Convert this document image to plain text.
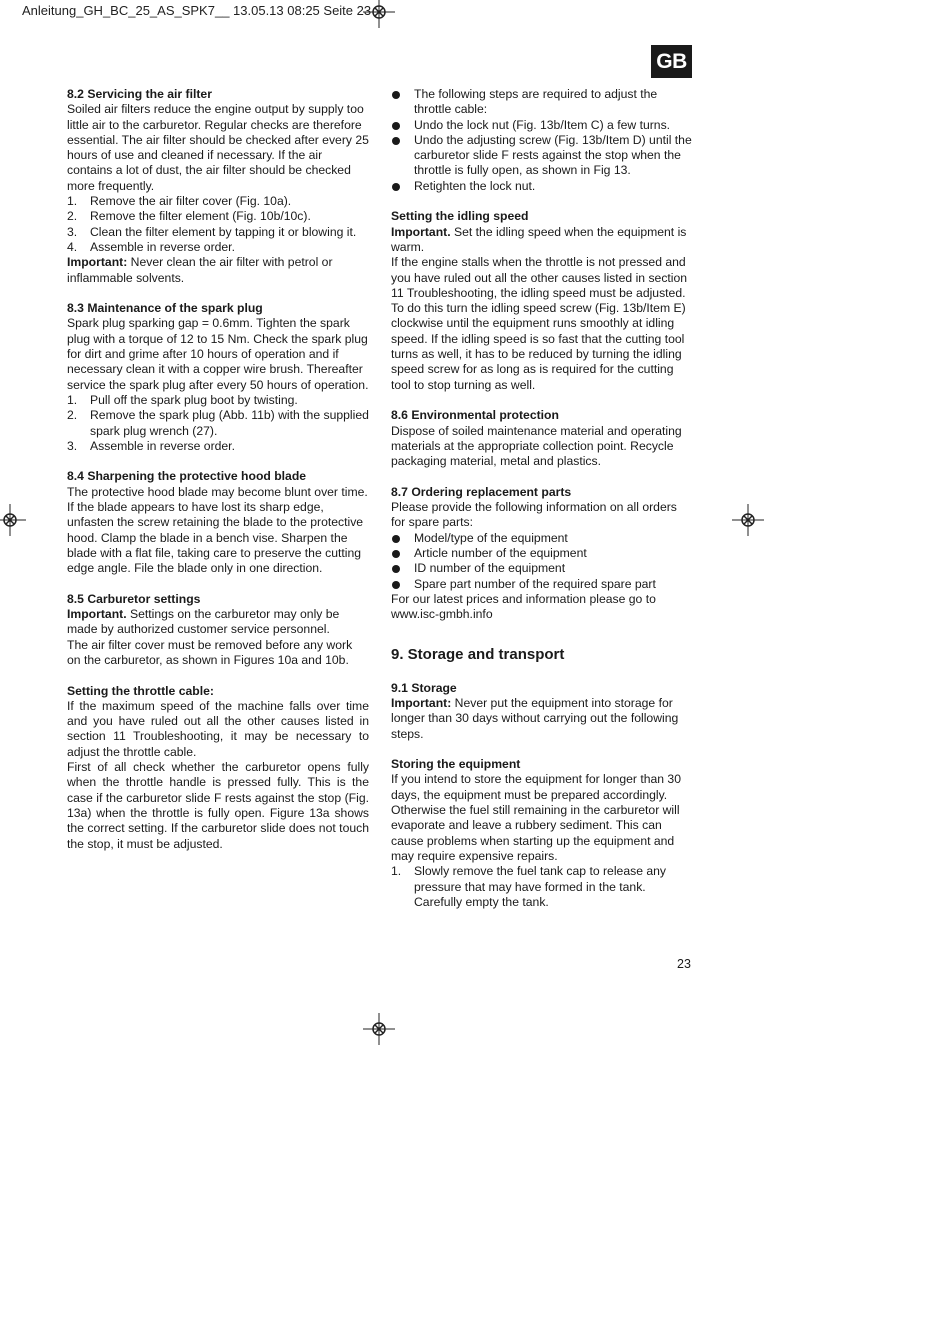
Anleitung_GH_BC_25_AS_SPK7__ 13.05.13 08:25 Seite 23
GB

8.2 Servicing the air filter

Soiled air filters reduce the engine output by supply too little air to the carburetor. Regular checks are therefore essential. The air filter should be checked after every 25 hours of use and cleaned if necessary. If the air contains a lot of dust, the air filter should be checked more frequently.

1.	Remove the air filter cover (Fig. 10a).
2.	Remove the filter element (Fig. 10b/10c).
3.	Clean the filter element by tapping it or blowing it.
4.	Assemble in reverse order.

Important: Never clean the air filter with petrol or inflammable solvents.

8.3 Maintenance of the spark plug

Spark plug sparking gap = 0.6mm. Tighten the spark plug with a torque of 12 to 15 Nm. Check the spark plug for dirt and grime after 10 hours of operation and if necessary clean it with a copper wire brush. Thereafter service the spark plug after every 50 hours of operation.

1.	Pull off the spark plug boot by twisting.
2.	Remove the spark plug (Abb. 11b) with the supplied spark plug wrench (27).
3.	Assemble in reverse order.

8.4 Sharpening the protective hood blade

The protective hood blade may become blunt over time. If the blade appears to have lost its sharp edge, unfasten the screw retaining the blade to the protective hood. Clamp the blade in a bench vise. Sharpen the blade with a flat file, taking care to preserve the cutting edge angle. File the blade only in one direction.

8.5 Carburetor settings

Important. Settings on the carburetor may only be made by authorized customer service personnel.

The air filter cover must be removed before any work on the carburetor, as shown in Figures 10a and 10b.

Setting the throttle cable:

If the maximum speed of the machine falls over time and you have ruled out all the other causes listed in section 11 Troubleshooting, it may be necessary to adjust the throttle cable.

First of all check whether the carburetor opens fully when the throttle handle is pressed fully. This is the case if the carburetor slide F rests against the stop (Fig. 13a) when the throttle is fully open. Figure 13a shows the correct setting. If the carburetor slide does not touch the stop, it must be adjusted.

The following steps are required to adjust the throttle cable:
Undo the lock nut (Fig. 13b/Item C) a few turns.
Undo the adjusting screw (Fig. 13b/Item D) until the carburetor slide F rests against the stop when the throttle is fully open, as shown in Fig 13.
Retighten the lock nut.

Setting the idling speed

Important. Set the idling speed when the equipment is warm.

If the engine stalls when the throttle is not pressed and you have ruled out all the other causes listed in section 11 Troubleshooting, the idling speed must be adjusted. To do this turn the idling speed screw (Fig. 13b/Item E) clockwise until the equipment runs smoothly at idling speed. If the idling speed is so fast that the cutting tool turns as well, it has to be reduced by turning the idling speed screw for as long as is required for the cutting tool to stop turning as well.

8.6 Environmental protection

Dispose of soiled maintenance material and operating materials at the appropriate collection point. Recycle packaging material, metal and plastics.

8.7 Ordering replacement parts

Please provide the following information on all orders for spare parts:

Model/type of the equipment
Article number of the equipment
ID number of the equipment
Spare part number of the required spare part

For our latest prices and information please go to www.isc-gmbh.info

9. Storage and transport

9.1 Storage

Important: Never put the equipment into storage for longer than 30 days without carrying out the following steps.

Storing the equipment

If you intend to store the equipment for longer than 30 days, the equipment must be prepared accordingly. Otherwise the fuel still remaining in the carburetor will evaporate and leave a rubbery sediment. This can cause problems when starting up the equipment and may require expensive repairs.

1.	Slowly remove the fuel tank cap to release any pressure that may have formed in the tank. Carefully empty the tank.
23
